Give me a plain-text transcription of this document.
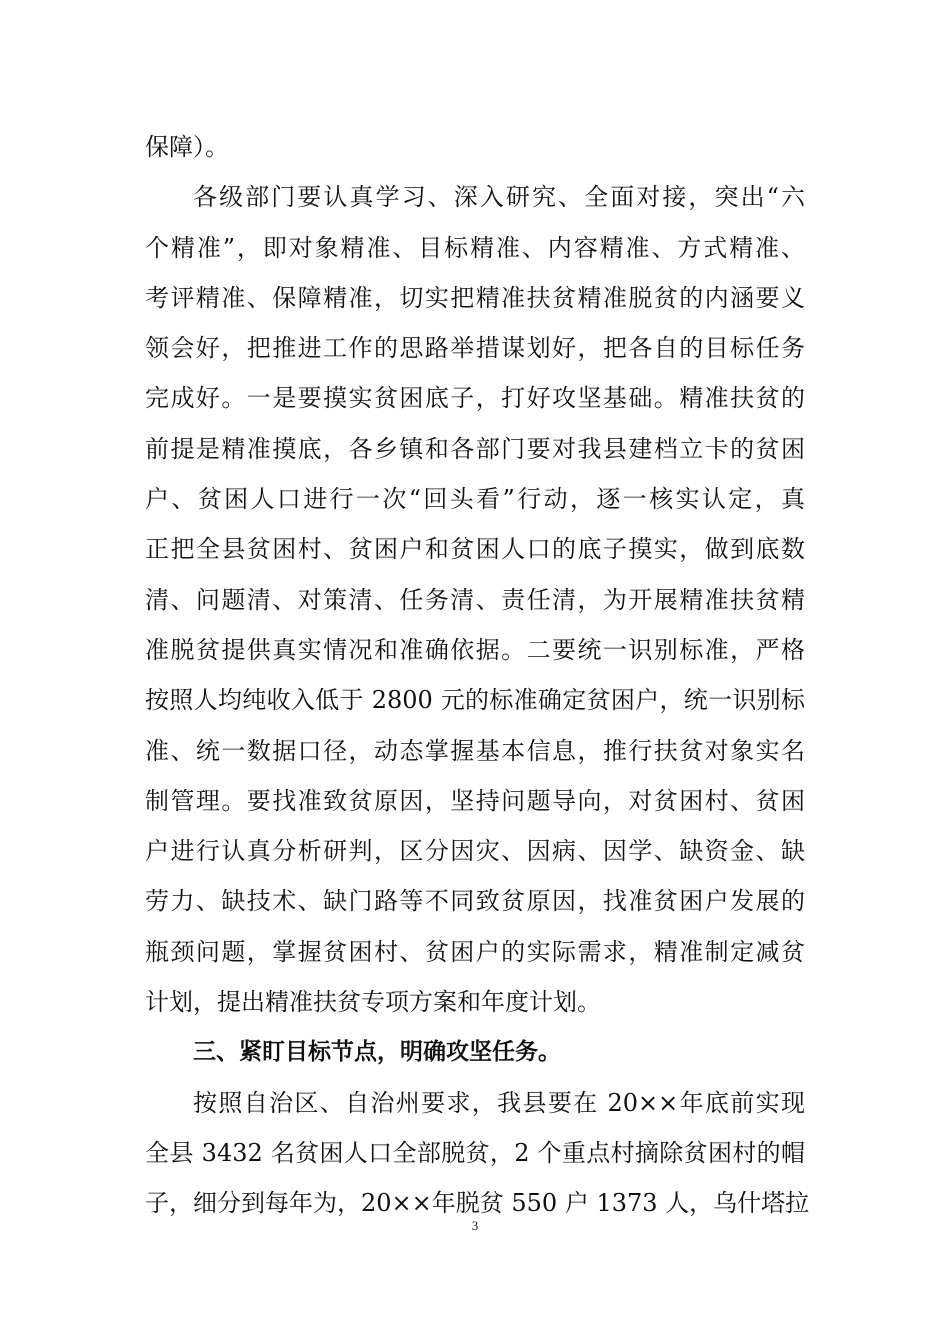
保障）。
各级部门要认真学习、深入研究、全面对接，突出“六
个精准”，即对象精准、目标精准、内容精准、方式精准、
考评精准、保障精准，切实把精准扶贫精准脱贫的内涵要义
领会好，把推进工作的思路举措谋划好，把各自的目标任务
完成好。一是要摸实贫困底子，打好攻坚基础。精准扶贫的
前提是精准摸底，各乡镇和各部门要对我县建档立卡的贫困
户、贫困人口进行一次“回头看”行动，逐一核实认定，真
正把全县贫困村、贫困户和贫困人口的底子摸实，做到底数
清、问题清、对策清、任务清、责任清，为开展精准扶贫精
准脱贫提供真实情况和准确依据。二要统一识别标准，严格
按照人均纯收入低于 2800 元的标准确定贫困户，统一识别标
准、统一数据口径，动态掌握基本信息，推行扶贫对象实名
制管理。要找准致贫原因，坚持问题导向，对贫困村、贫困
户进行认真分析研判，区分因灾、因病、因学、缺资金、缺
劳力、缺技术、缺门路等不同致贫原因，找准贫困户发展的
瓶颈问题，掌握贫困村、贫困户的实际需求，精准制定减贫
计划，提出精准扶贫专项方案和年度计划。
三、紧盯目标节点，明确攻坚任务。
按照自治区、自治州要求，我县要在 20××年底前实现
全县 3432 名贫困人口全部脱贫，2 个重点村摘除贫困村的帽
子，细分到每年为，20××年脱贫 550 户 1373 人，乌什塔拉
3
